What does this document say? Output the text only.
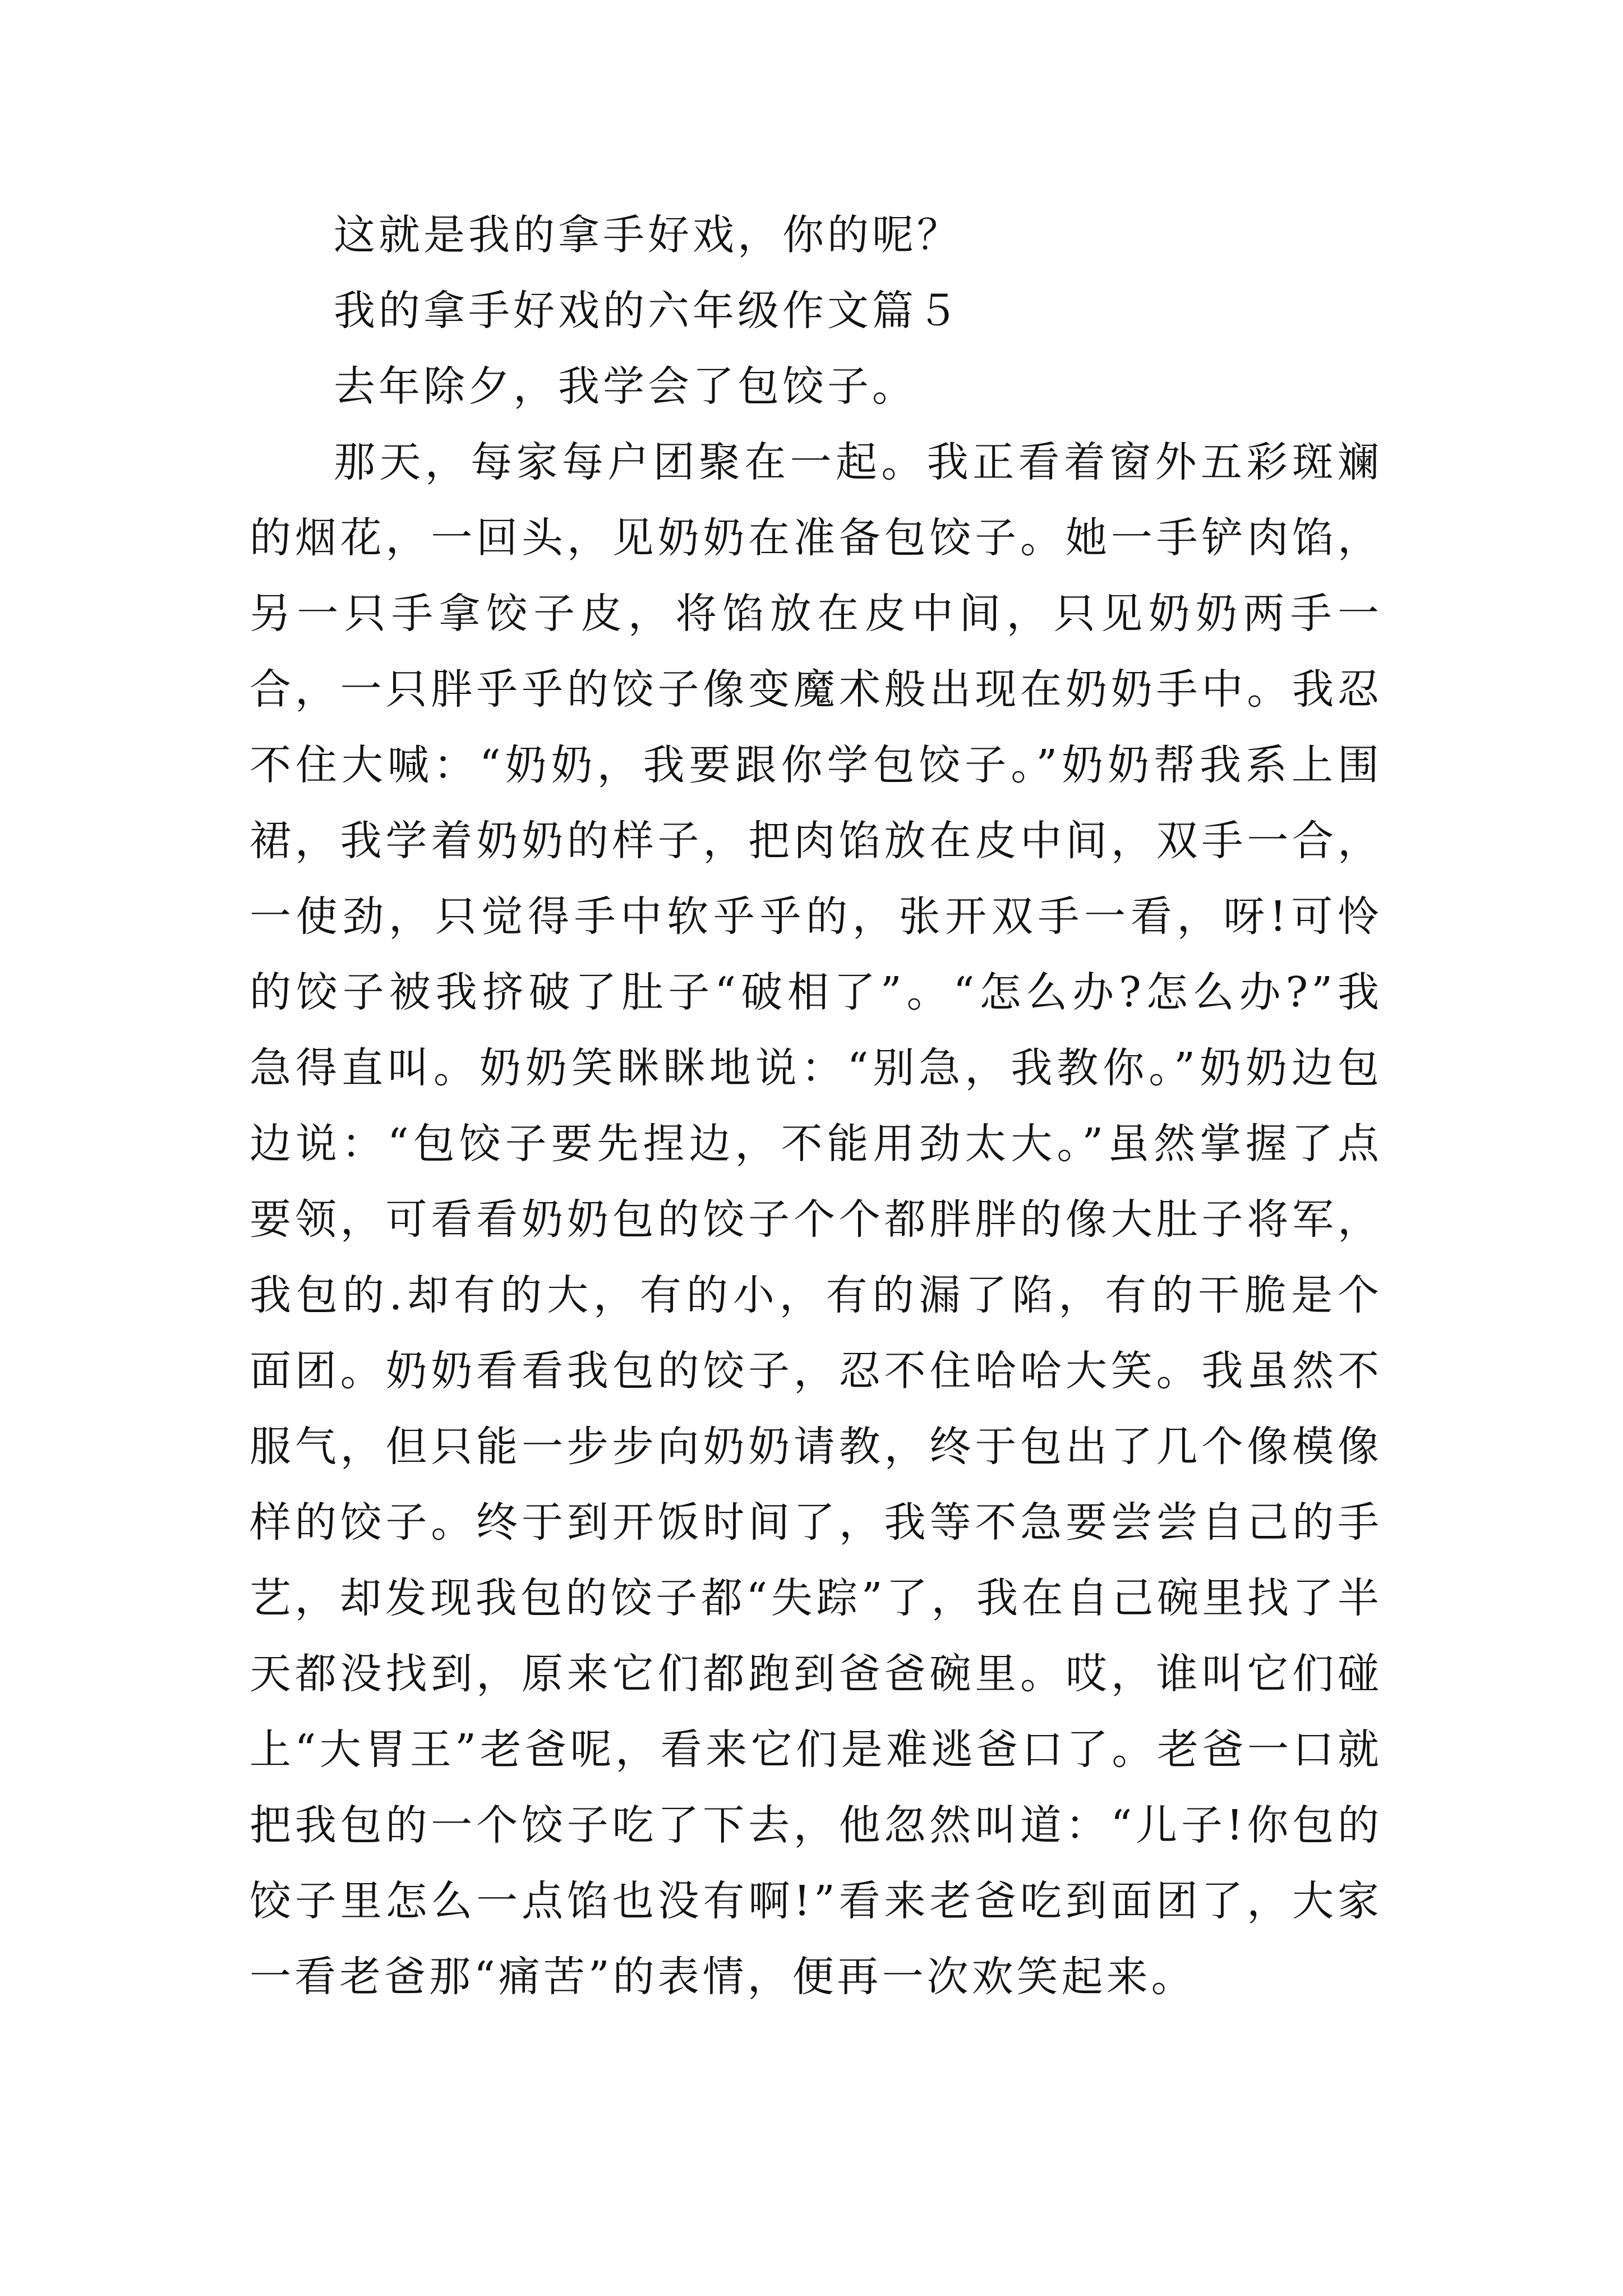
这就是我的拿手好戏，你的呢？

我的拿手好戏的六年级作文篇５

去年除夕，我学会了包饺子。

那天，每家每户团聚在一起。我正看着窗外五彩斑斓的烟花，一回头，见奶奶在准备包饺子。她一手铲肉馅，另一只手拿饺子皮，将馅放在皮中间，只见奶奶两手一合，一只胖乎乎的饺子像变魔术般出现在奶奶手中。我忍不住大喊：“奶奶，我要跟你学包饺子。”奶奶帮我系上围裙，我学着奶奶的样子，把肉馅放在皮中间，双手一合，一使劲，只觉得手中软乎乎的，张开双手一看，呀!可怜的饺子被我挤破了肚子“破相了”。“怎么办?怎么办?”我急得直叫。奶奶笑眯眯地说：“别急，我教你。”奶奶边包边说：“包饺子要先捏边，不能用劲太大。”虽然掌握了点要领，可看看奶奶包的饺子个个都胖胖的像大肚子将军，我包的.却有的大，有的小，有的漏了陷，有的干脆是个面团。奶奶看看我包的饺子，忍不住哈哈大笑。我虽然不服气，但只能一步步向奶奶请教，终于包出了几个像模像样的饺子。终于到开饭时间了，我等不急要尝尝自己的手艺，却发现我包的饺子都“失踪”了，我在自己碗里找了半天都没找到，原来它们都跑到爸爸碗里。哎，谁叫它们碰上“大胃王”老爸呢，看来它们是难逃爸口了。老爸一口就把我包的一个饺子吃了下去，他忽然叫道：“儿子!你包的饺子里怎么一点馅也没有啊!”看来老爸吃到面团了，大家一看老爸那“痛苦”的表情，便再一次欢笑起来。
